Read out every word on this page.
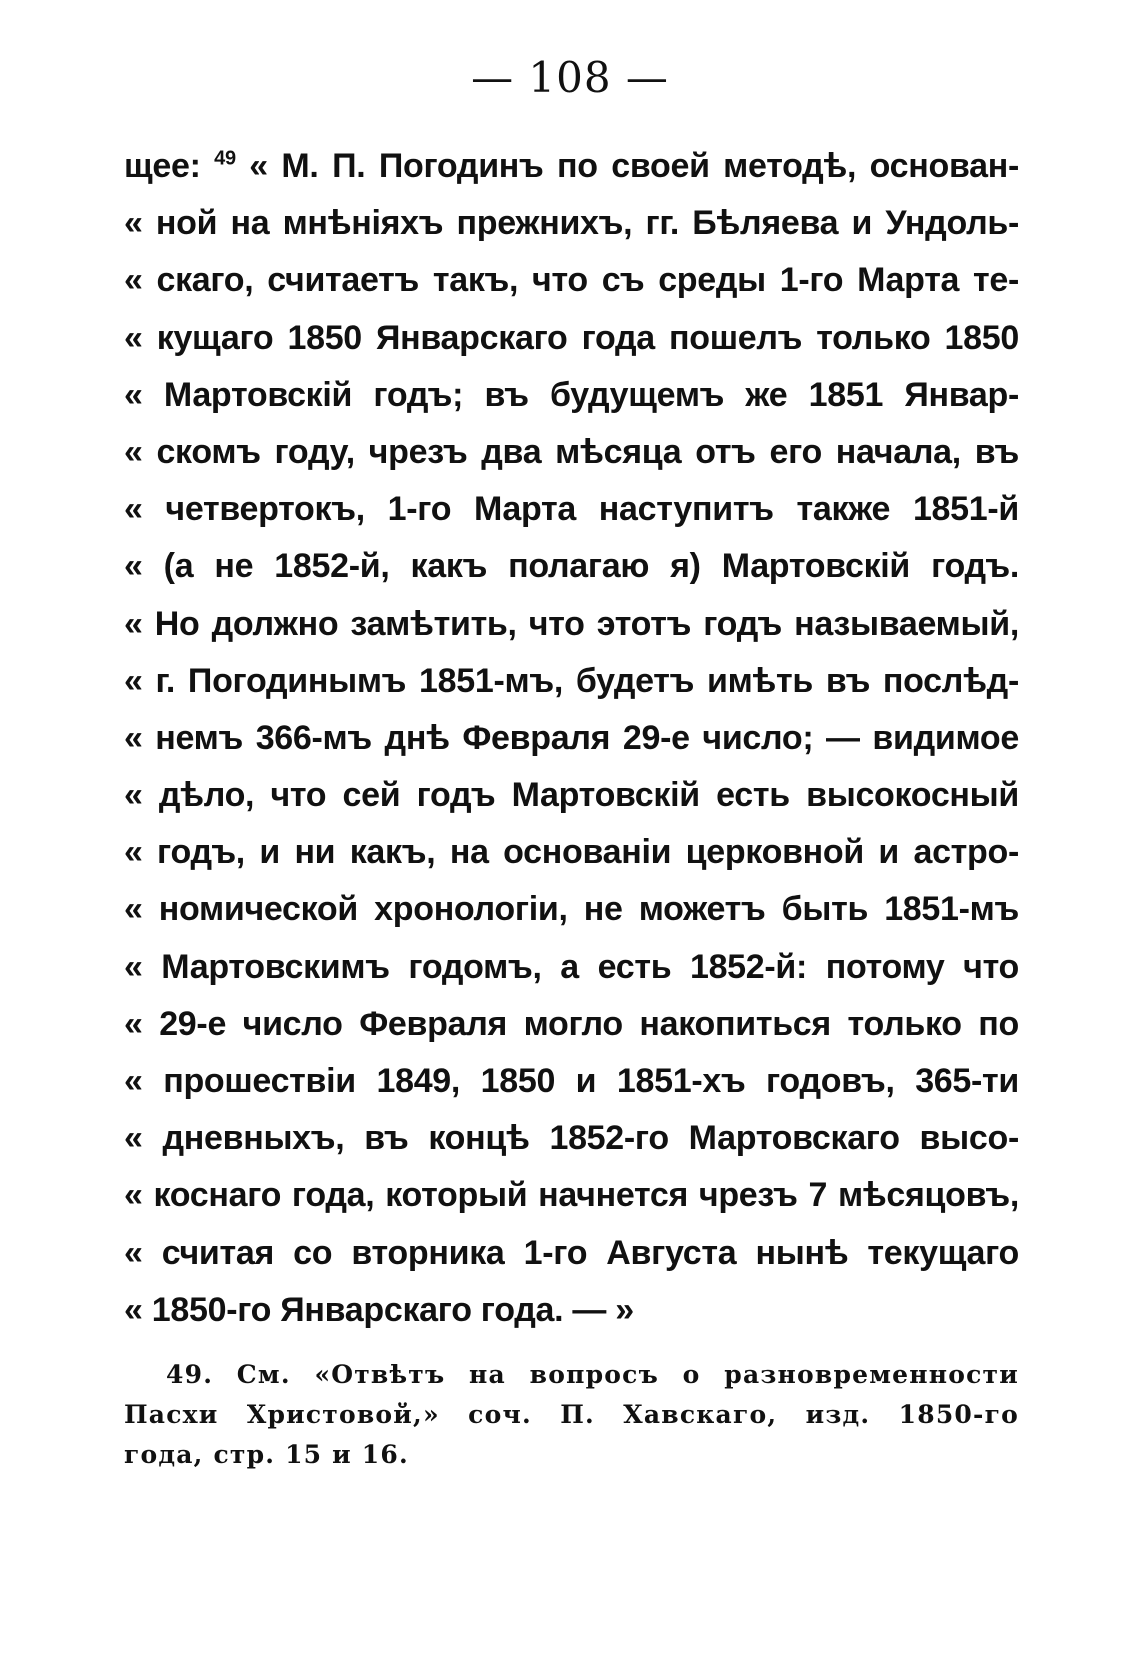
— 108 —
щее: $^{49}$ « М. П. Погодинъ по своей методѣ, основан-
« ной на мнѣніяхъ прежнихъ, гг. Бѣляева и Ундоль-
« скаго, считаетъ такъ, что съ среды 1-го Марта те-
« кущаго 1850 Январскаго года пошелъ только 1850
« Мартовскій годъ; въ будущемъ же 1851 Январ-
« скомъ году, чрезъ два мѣсяца отъ его начала, въ
« четвертокъ, 1-го Марта наступитъ также 1851-й
« (а не 1852-й, какъ полагаю я) Мартовскій годъ.
« Но должно замѣтить, что этотъ годъ называемый,
« г. Погодинымъ 1851-мъ, будетъ имѣть въ послѣд-
« немъ 366-мъ днѣ Февраля 29-е число; — видимое
« дѣло, что сей годъ Мартовскій есть высокосный
« годъ, и ни какъ, на основаніи церковной и астро-
« номической хронологіи, не можетъ быть 1851-мъ
« Мартовскимъ годомъ, а есть 1852-й: потому что
« 29-е число Февраля могло накопиться только по
« прошествіи 1849, 1850 и 1851-хъ годовъ, 365-ти
« дневныхъ, въ концѣ 1852-го Мартовскаго высо-
« коснаго года, который начнется чрезъ 7 мѣсяцовъ,
« считая со вторника 1-го Августа нынѣ текущаго
« 1850-го Январскаго года. — »
49. См. «Отвѣтъ на вопросъ о разновременности
Пасхи Христовой,» соч. П. Хавскаго, изд. 1850-го
года, стр. 15 и 16.
